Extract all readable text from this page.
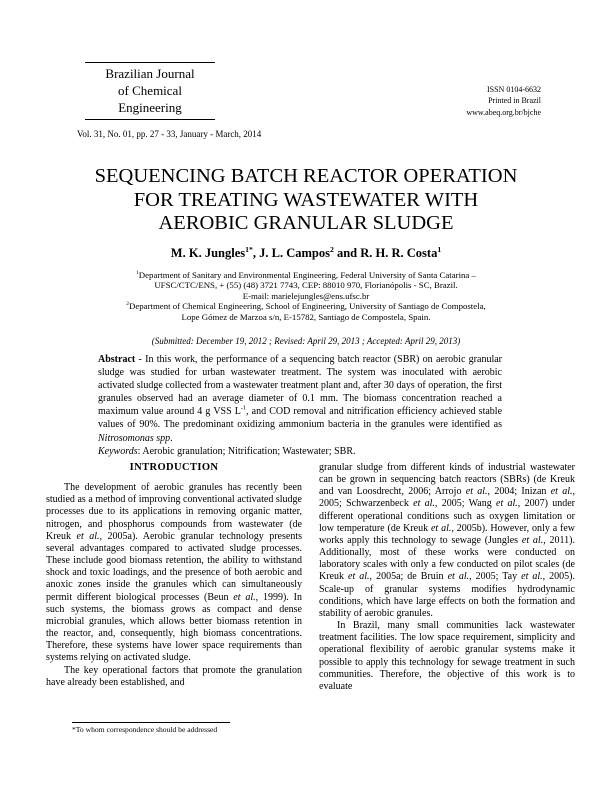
Brazilian Journal
of Chemical
Engineering
ISSN 0104-6632
Printed in Brazil
www.abeq.org.br/bjche
Vol. 31, No. 01, pp. 27 - 33, January - March, 2014
SEQUENCING BATCH REACTOR OPERATION
FOR TREATING WASTEWATER WITH
AEROBIC GRANULAR SLUDGE
M. K. Jungles$^{1*}$, J. L. Campos$^2$ and R. H. R. Costa$^1$
$^1$Department of Sanitary and Environmental Engineering, Federal University of Santa Catarina –
UFSC/CTC/ENS, + (55) (48) 3721 7743, CEP: 88010 970, Florianópolis - SC, Brazil.
E-mail: marielejungles@ens.ufsc.br
$^2$Department of Chemical Engineering, School of Engineering, University of Santiago de Compostela,
Lope Gómez de Marzoa s/n, E-15782, Santiago de Compostela, Spain.
(Submitted: December 19, 2012 ; Revised: April 29, 2013 ; Accepted: April 29, 2013)

Abstract - In this work, the performance of a sequencing batch reactor (SBR) on aerobic granular sludge was studied for urban wastewater treatment. The system was inoculated with aerobic activated sludge collected from a wastewater treatment plant and, after 30 days of operation, the first granules observed had an average diameter of 0.1 mm. The biomass concentration reached a maximum value around 4 g VSS $L^{-1}$, and COD removal and nitrification efficiency achieved stable values of 90%. The predominant oxidizing ammonium bacteria in the granules were identified as Nitrosomonas spp.

Keywords: Aerobic granulation; Nitrification; Wastewater; SBR.

INTRODUCTION

The development of aerobic granules has recently been studied as a method of improving conventional activated sludge processes due to its applications in removing organic matter, nitrogen, and phosphorus compounds from wastewater (de Kreuk et al., 2005a). Aerobic granular technology presents several advantages compared to activated sludge processes. These include good biomass retention, the ability to withstand shock and toxic loadings, and the presence of both aerobic and anoxic zones inside the granules which can simultaneously permit different biological processes (Beun et al., 1999). In such systems, the biomass grows as compact and dense microbial granules, which allows better biomass retention in the reactor, and, consequently, high biomass concentrations. Therefore, these systems have lower space requirements than systems relying on activated sludge.

The key operational factors that promote the granulation have already been established, and

granular sludge from different kinds of industrial wastewater can be grown in sequencing batch reactors (SBRs) (de Kreuk and van Loosdrecht, 2006; Arrojo et al., 2004; Inizan et al., 2005; Schwarzenbeck et al., 2005; Wang et al., 2007) under different operational conditions such as oxygen limitation or low temperature (de Kreuk et al., 2005b). However, only a few works apply this technology to sewage (Jungles et al., 2011). Additionally, most of these works were conducted on laboratory scales with only a few conducted on pilot scales (de Kreuk et al., 2005a; de Bruin et al., 2005; Tay et al., 2005). Scale-up of granular systems modifies hydrodynamic conditions, which have large effects on both the formation and stability of aerobic granules.

In Brazil, many small communities lack wastewater treatment facilities. The low space requirement, simplicity and operational flexibility of aerobic granular systems make it possible to apply this technology for sewage treatment in such communities. Therefore, the objective of this work is to evaluate

*To whom correspondence should be addressed
